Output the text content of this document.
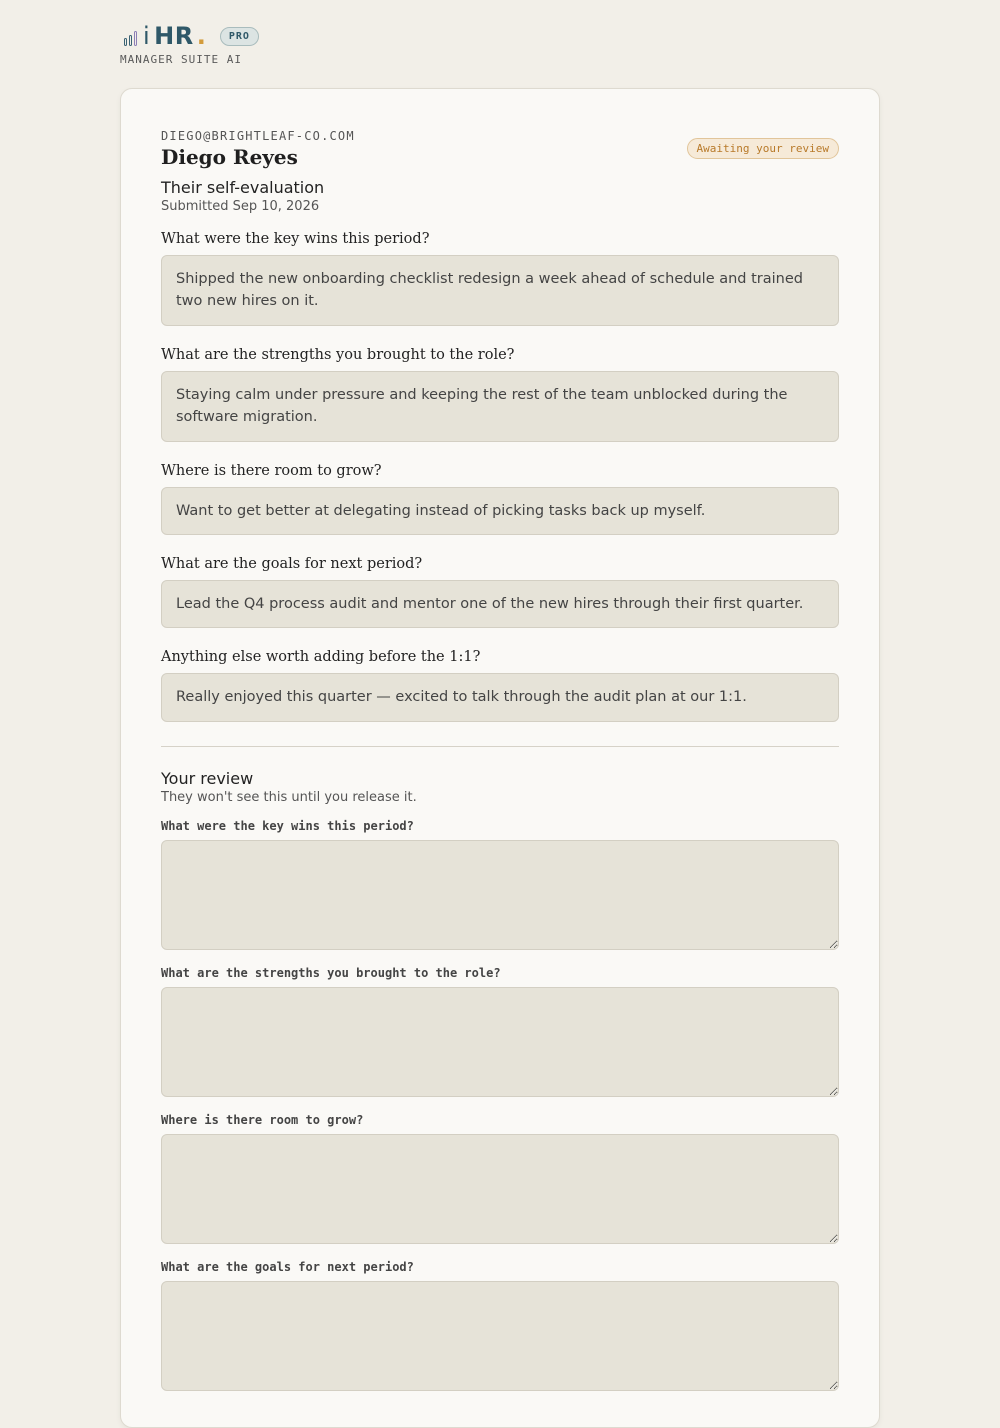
i HR .	PRO
MANAGER SUITE AI
DIEGO@BRIGHTLEAF-CO.COM
Diego Reyes	Awaiting your review
Their self-evaluation
Submitted Sep 10, 2026
What were the key wins this period?
Shipped the new onboarding checklist redesign a week ahead of schedule and trained two new hires on it.
What are the strengths you brought to the role?
Staying calm under pressure and keeping the rest of the team unblocked during the software migration.
Where is there room to grow?
Want to get better at delegating instead of picking tasks back up myself.
What are the goals for next period?
Lead the Q4 process audit and mentor one of the new hires through their first quarter.
Anything else worth adding before the 1:1?
Really enjoyed this quarter — excited to talk through the audit plan at our 1:1.
Your review
They won't see this until you release it.
What were the key wins this period?
What are the strengths you brought to the role?
Where is there room to grow?
What are the goals for next period?
